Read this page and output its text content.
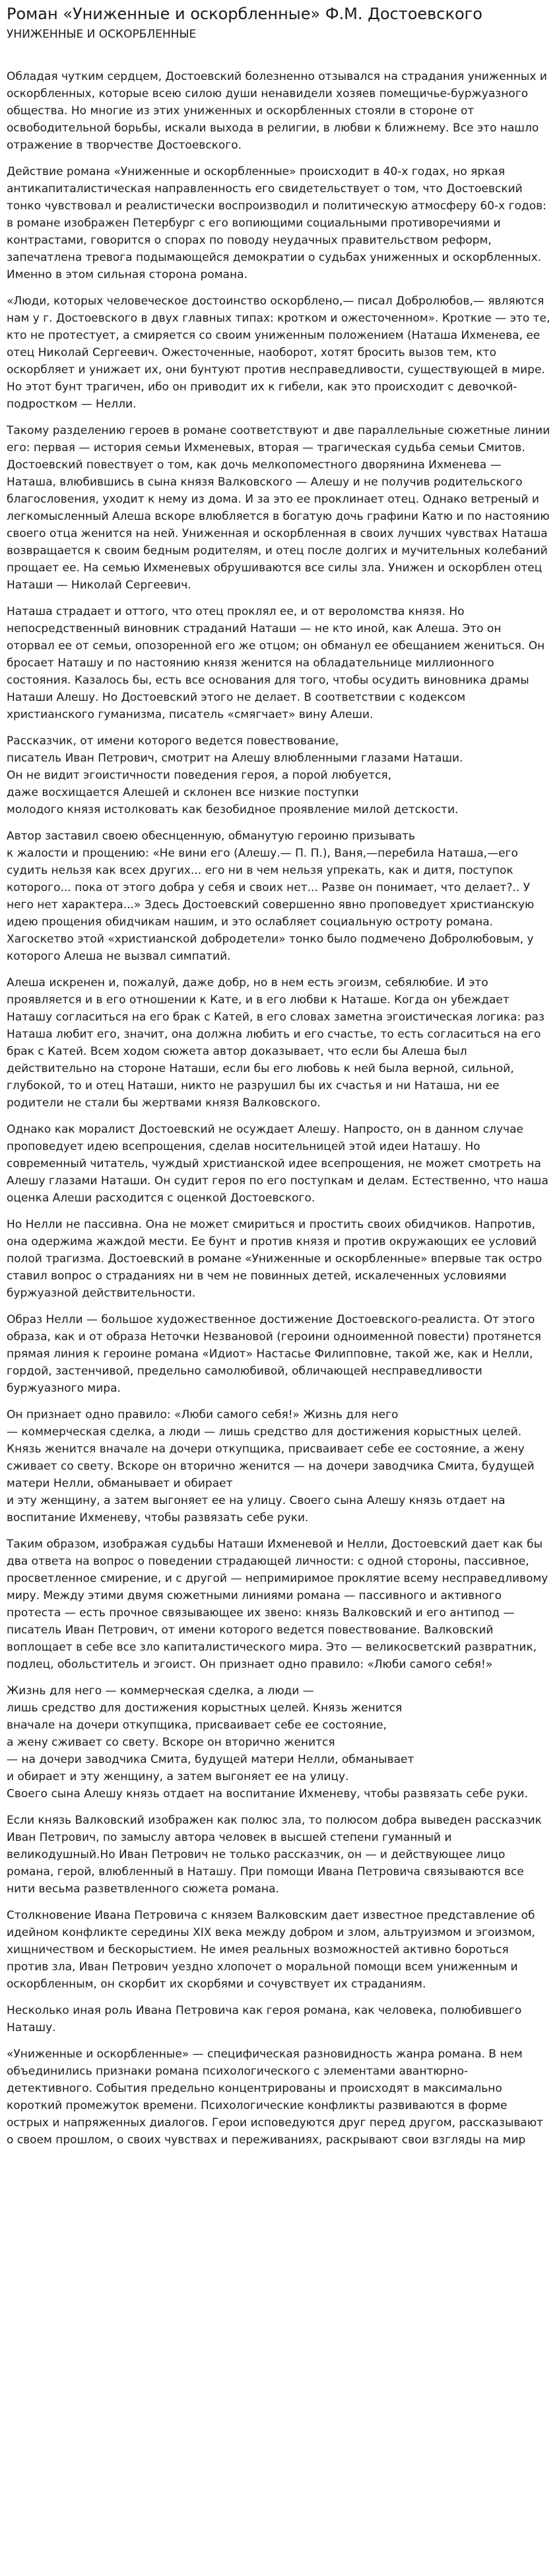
Роман «Униженные и оскорбленные» Ф.М. Достоевского
УНИЖЕННЫЕ И ОСКОРБЛЕННЫЕ

Обладая чутким сердцем, Достоевский болезненно отзывался на страдания униженных и оскорбленных, которые всею силою души ненавидели хозяев помещичье-буржуазного общества. Но многие из этих униженных и оскорбленных стояли в стороне от освободительной борьбы, искали выхода в религии, в любви к ближнему. Все это нашло отражение в творчестве Достоевского.

Действие романа «Униженные и оскорбленные» происходит в 40-х годах, но яркая антикапиталистическая направленность его свидетельствует о том, что Достоевский тонко чувствовал и реалистически воспроизводил и политическую атмосферу 60-х годов: в романе изображен Петербург с его вопиющими социальными противоречиями и контрастами, говорится о спорах по поводу неудачных правительством реформ, запечатлена тревога подымающейся демократии о судьбах униженных и оскорбленных. Именно в этом сильная сторона романа.

«Люди, которых человеческое достоинство оскорблено,— писал Добролюбов,— являются нам у г. Достоевского в двух главных типах: кротком и ожесточенном». Кроткие — это те, кто не протестует, а смиряется со своим униженным положением (Наташа Ихменева, ее отец Николай Сергеевич. Ожесточенные, наоборот, хотят бросить вызов тем, кто оскорбляет и унижает их, они бунтуют против несправедливости, существующей в мире. Но этот бунт трагичен, ибо он приводит их к гибели, как это происходит с девочкой-подростком — Нелли.

Такому разделению героев в романе соответствуют и две параллельные сюжетные линии его: первая — история семьи Ихменевых, вторая — трагическая судьба семьи Смитов. Достоевский повествует о том, как дочь мелкопоместного дворянина Ихменева — Наташа, влюбившись в сына князя Валковского — Алешу и не получив родительского благословения, уходит к нему из дома. И за это ее проклинает отец. Однако ветреный и легкомысленный Алеша вскоре влюбляется в богатую дочь графини Катю и по настоянию своего отца женится на ней. Униженная и оскорбленная в своих лучших чувствах Наташа возвращается к своим бедным родителям, и отец после долгих и мучительных колебаний прощает ее. На семью Ихменевых обрушиваются все силы зла. Унижен и оскорблен отец Наташи — Николай Сергеевич.

Наташа страдает и оттого, что отец проклял ее, и от вероломства князя. Но непосредственный виновник страданий Наташи — не кто иной, как Алеша. Это он оторвал ее от семьи, опозоренной его же отцом; он обманул ее обещанием жениться. Он бросает Наташу и по настоянию князя женится на обладательнице миллионного состояния. Казалось бы, есть все основания для того, чтобы осудить виновника драмы Наташи Алешу. Но Достоевский этого не делает. В соответствии с кодексом христианского гуманизма, писатель «смягчает» вину Алеши.

Рассказчик, от имени которого ведется повествование,
писатель Иван Петрович, смотрит на Алешу влюбленными глазами Наташи.
Он не видит эгоистичности поведения героя, а порой любуется,
даже восхищается Алешей и склонен все низкие поступки
молодого князя истолковать как безобидное проявление милой детскости.

Автор заставил своею обеснценную, обманутую героиню призывать
к жалости и прощению: «Не вини его (Алешу.— П. П.), Ваня,—перебила Наташа,—его судить нельзя как всех других... его ни в чем нельзя упрекать, как и дитя, поступок которого... пока от этого добра у себя и своих нет... Разве он понимает, что делает?.. У него нет характера...» Здесь Достоевский совершенно явно проповедует христианскую идею прощения обидчикам нашим, и это ослабляет социальную остроту романа. Хагоскетво этой «христианской добродетели» тонко было подмечено Добролюбовым, у которого Алеша не вызвал симпатий.

Алеша искренен и, пожалуй, даже добр, но в нем есть эгоизм, себялюбие. И это проявляется и в его отношении к Кате, и в его любви к Наташе. Когда он убеждает Наташу согласиться на его брак с Катей, в его словах заметна эгоистическая логика: раз Наташа любит его, значит, она должна любить и его счастье, то есть согласиться на его брак с Катей. Всем ходом сюжета автор доказывает, что если бы Алеша был действительно на стороне Наташи, если бы его любовь к ней была верной, сильной, глубокой, то и отец Наташи, никто не разрушил бы их счастья и ни Наташа, ни ее родители не стали бы жертвами князя Валковского.

Однако как моралист Достоевский не осуждает Алешу. Напросто, он в данном случае проповедует идею всепрощения, сделав носительницей этой идеи Наташу. Но современный читатель, чуждый христианской идее всепрощения, не может смотреть на Алешу глазами Наташи. Он судит героя по его поступкам и делам. Естественно, что наша оценка Алеши расходится с оценкой Достоевского.

Но Нелли не пассивна. Она не может смириться и простить своих обидчиков. Напротив, она одержима жаждой мести. Ее бунт и против князя и против окружающих ее условий полой трагизма. Достоевский в романе «Униженные и оскорбленные» впервые так остро ставил вопрос о страданиях ни в чем не повинных детей, искалеченных условиями буржуазной действительности.

Образ Нелли — большое художественное достижение Достоевского-реалиста. От этого образа, как и от образа Неточки Незвановой (героини одноименной повести) протянется прямая линия к героине романа «Идиот» Настасье Филипповне, такой же, как и Нелли, гордой, застенчивой, предельно самолюбивой, обличающей несправедливости буржуазного мира.

Он признает одно правило: «Люби самого себя!» Жизнь для него
— коммерческая сделка, а люди — лишь средство для достижения корыстных целей. Князь женится вначале на дочери откупщика, присваивает себе ее состояние, а жену сживает со свету. Вскоре он вторично женится — на дочери заводчика Смита, будущей матери Нелли, обманывает и обирает
и эту женщину, а затем выгоняет ее на улицу. Своего сына Алешу князь отдает на воспитание Ихменеву, чтобы развязать себе руки.

Таким образом, изображая судьбы Наташи Ихменевой и Нелли, Достоевский дает как бы два ответа на вопрос о поведении страдающей личности: с одной стороны, пассивное, просветленное смирение, и с другой — непримиримое проклятие всему несправедливому миру. Между этими двумя сюжетными линиями романа — пассивного и активного протеста — есть прочное связывающее их звено: князь Валковский и его антипод — писатель Иван Петрович, от имени которого ведется повествование. Валковский воплощает в себе все зло капиталистического мира. Это — великосветский развратник, подлец, обольститель и эгоист. Он признает одно правило: «Люби самого себя!»

Жизнь для него — коммерческая сделка, а люди —
лишь средство для достижения корыстных целей. Князь женится
вначале на дочери откупщика, присваивает себе ее состояние,
а жену сживает со свету. Вскоре он вторично женится
— на дочери заводчика Смита, будущей матери Нелли, обманывает
и обирает и эту женщину, а затем выгоняет ее на улицу.
Своего сына Алешу князь отдает на воспитание Ихменеву, чтобы развязать себе руки.

Если князь Валковский изображен как полюс зла, то полюсом добра выведен рассказчик Иван Петрович, по замыслу автора человек в высшей степени гуманный и великодушный.Но Иван Петрович не только рассказчик, он — и действующее лицо романа, герой, влюбленный в Наташу. При помощи Ивана Петровича связываются все нити весьма разветвленного сюжета романа.

Столкновение Ивана Петровича с князем Валковским дает известное представление об идейном конфликте середины XIX века между добром и злом, альтруизмом и эгоизмом, хищничеством и бескорыстием. Не имея реальных возможностей активно бороться против зла, Иван Петрович уездно хлопочет о моральной помощи всем униженным и оскорбленным, он скорбит их скорбями и сочувствует их страданиям.

Несколько иная роль Ивана Петровича как героя романа, как человека, полюбившего Наташу.

«Униженные и оскорбленные» — специфическая разновидность жанра романа. В нем объединились признаки романа психологического с элементами авантюрно-детективного. События предельно концентрированы и происходят в максимально короткий промежуток времени. Психологические конфликты развиваются в форме острых и напряженных диалогов. Герои исповедуются друг перед другом, рассказывают о своем прошлом, о своих чувствах и переживаниях, раскрывают свои взгляды на мир
